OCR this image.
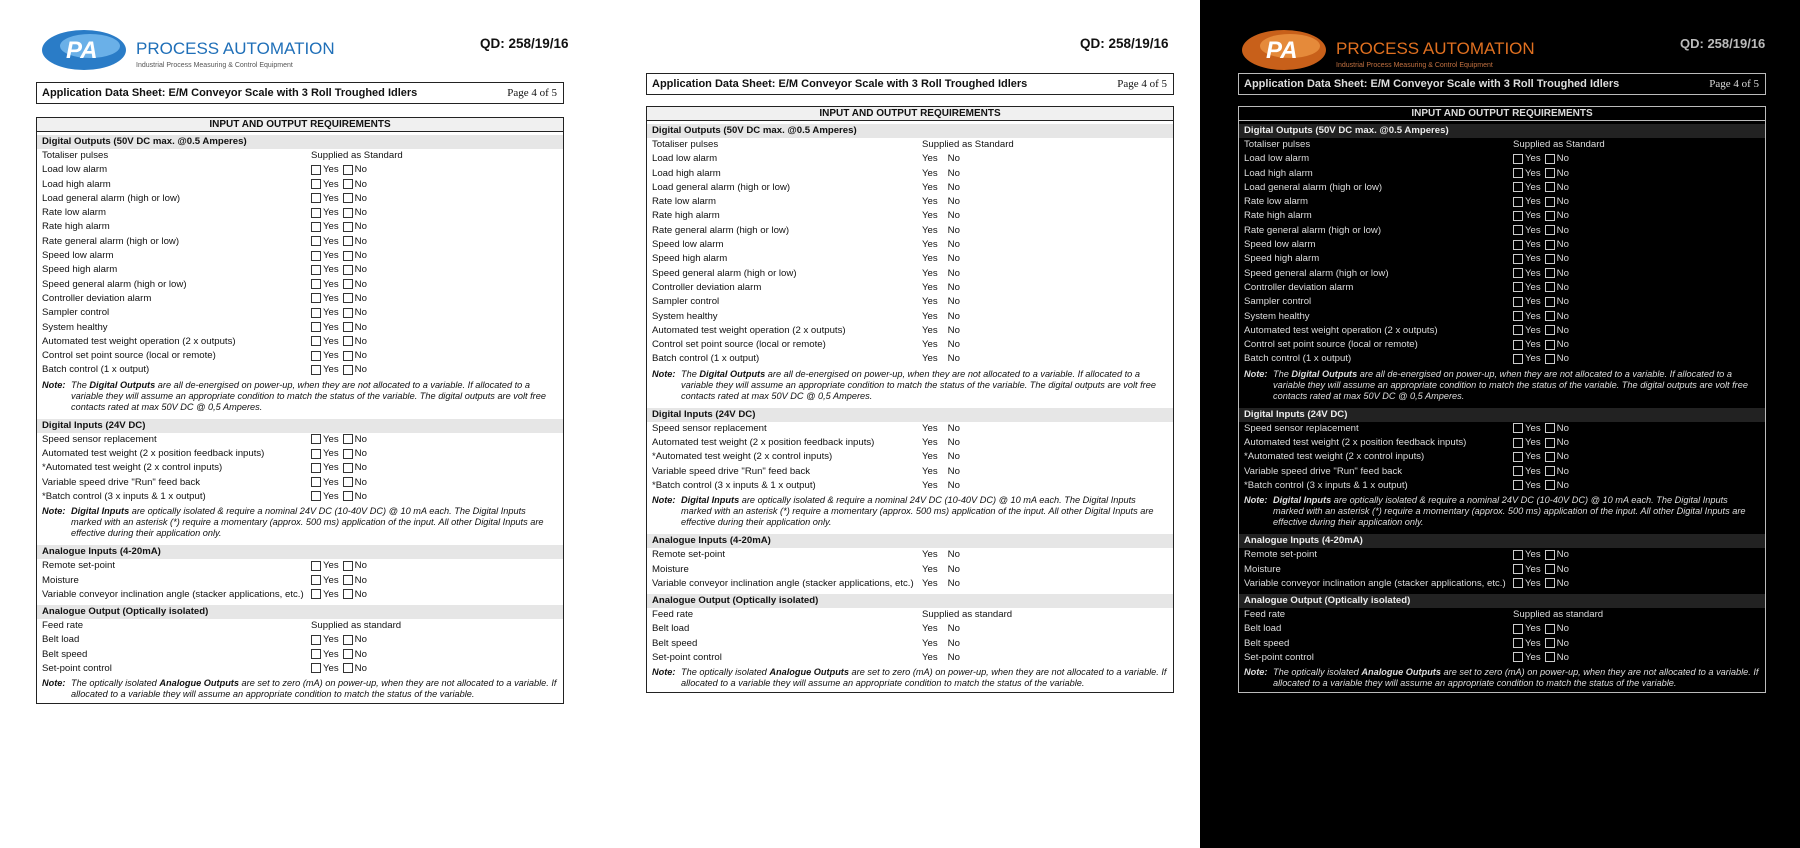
PA PROCESS AUTOMATION
Industrial Process Measuring & Control Equipment
QD: 258/19/16
Application Data Sheet: E/M Conveyor Scale with 3 Roll Troughed Idlers	Page 4 of 5
INPUT AND OUTPUT REQUIREMENTS
Digital Outputs (50V DC max. @0.5 Amperes)
Totaliser pulses	Supplied as Standard
Load low alarm	Yes	No
Load high alarm	Yes	No
Load general alarm (high or low)	Yes	No
Rate low alarm	Yes	No
Rate high alarm	Yes	No
Rate general alarm (high or low)	Yes	No
Speed low alarm	Yes	No
Speed high alarm	Yes	No
Speed general alarm (high or low)	Yes	No
Controller deviation alarm	Yes	No
Sampler control	Yes	No
System healthy	Yes	No
Automated test weight operation (2 x outputs)	Yes	No
Control set point source (local or remote)	Yes	No
Batch control (1 x output)	Yes	No
Note: The Digital Outputs are all de-energised on power-up, when they are not allocated to a variable. If allocated to a variable they will assume an appropriate condition to match the status of the variable. The digital outputs are volt free contacts rated at max 50V DC @ 0,5 Amperes.
Digital Inputs (24V DC)
Speed sensor replacement	Yes	No
Automated test weight (2 x position feedback inputs)	Yes	No
*Automated test weight (2 x control inputs)	Yes	No
Variable speed drive "Run" feed back	Yes	No
*Batch control (3 x inputs & 1 x output)	Yes	No
Note: Digital Inputs are optically isolated & require a nominal 24V DC (10-40V DC) @ 10 mA each. The Digital Inputs marked with an asterisk (*) require a momentary (approx. 500 ms) application of the input. All other Digital Inputs are effective during their application only.
Analogue Inputs (4-20mA)
Remote set-point	Yes	No
Moisture	Yes	No
Variable conveyor inclination angle (stacker applications, etc.)	Yes	No
Analogue Output (Optically isolated)
Feed rate	Supplied as standard
Belt load	Yes	No
Belt speed	Yes	No
Set-point control	Yes	No
Note: The optically isolated Analogue Outputs are set to zero (mA) on power-up, when they are not allocated to a variable. If allocated to a variable they will assume an appropriate condition to match the status of the variable.
QD: 258/19/16
Application Data Sheet: E/M Conveyor Scale with 3 Roll Troughed Idlers	Page 4 of 5
INPUT AND OUTPUT REQUIREMENTS
Digital Outputs (50V DC max. @0.5 Amperes)
Totaliser pulses	Supplied as Standard
Load low alarm	Yes	No
Load high alarm	Yes	No
Load general alarm (high or low)	Yes	No
Rate low alarm	Yes	No
Rate high alarm	Yes	No
Rate general alarm (high or low)	Yes	No
Speed low alarm	Yes	No
Speed high alarm	Yes	No
Speed general alarm (high or low)	Yes	No
Controller deviation alarm	Yes	No
Sampler control	Yes	No
System healthy	Yes	No
Automated test weight operation (2 x outputs)	Yes	No
Control set point source (local or remote)	Yes	No
Batch control (1 x output)	Yes	No
Note: The Digital Outputs are all de-energised on power-up, when they are not allocated to a variable. If allocated to a variable they will assume an appropriate condition to match the status of the variable. The digital outputs are volt free contacts rated at max 50V DC @ 0,5 Amperes.
Digital Inputs (24V DC)
Speed sensor replacement	Yes	No
Automated test weight (2 x position feedback inputs)	Yes	No
*Automated test weight (2 x control inputs)	Yes	No
Variable speed drive "Run" feed back	Yes	No
*Batch control (3 x inputs & 1 x output)	Yes	No
Note: Digital Inputs are optically isolated & require a nominal 24V DC (10-40V DC) @ 10 mA each. The Digital Inputs marked with an asterisk (*) require a momentary (approx. 500 ms) application of the input. All other Digital Inputs are effective during their application only.
Analogue Inputs (4-20mA)
Remote set-point	Yes	No
Moisture	Yes	No
Variable conveyor inclination angle (stacker applications, etc.) Yes	No
Analogue Output (Optically isolated)
Feed rate	Supplied as standard
Belt load	Yes	No
Belt speed	Yes	No
Set-point control	Yes	No
Note: The optically isolated Analogue Outputs are set to zero (mA) on power-up, when they are not allocated to a variable. If allocated to a variable they will assume an appropriate condition to match the status of the variable.
PA PROCESS AUTOMATION
Industrial Process Measuring & Control Equipment
QD: 258/19/16
Application Data Sheet: E/M Conveyor Scale with 3 Roll Troughed Idlers	Page 4 of 5
INPUT AND OUTPUT REQUIREMENTS
Digital Outputs (50V DC max. @0.5 Amperes)
Totaliser pulses	Supplied as Standard
Load low alarm	Yes	No
Load high alarm	Yes	No
Load general alarm (high or low)	Yes	No
Rate low alarm	Yes	No
Rate high alarm	Yes	No
Rate general alarm (high or low)	Yes	No
Speed low alarm	Yes	No
Speed high alarm	Yes	No
Speed general alarm (high or low)	Yes	No
Controller deviation alarm	Yes	No
Sampler control	Yes	No
System healthy	Yes	No
Automated test weight operation (2 x outputs)	Yes	No
Control set point source (local or remote)	Yes	No
Batch control (1 x output)	Yes	No
Note: The Digital Outputs are all de-energised on power-up, when they are not allocated to a variable. If allocated to a variable they will assume an appropriate condition to match the status of the variable. The digital outputs are volt free contacts rated at max 50V DC @ 0,5 Amperes.
Digital Inputs (24V DC)
Speed sensor replacement	Yes	No
Automated test weight (2 x position feedback inputs)	Yes	No
*Automated test weight (2 x control inputs)	Yes	No
Variable speed drive "Run" feed back	Yes	No
*Batch control (3 x inputs & 1 x output)	Yes	No
Note: Digital Inputs are optically isolated & require a nominal 24V DC (10-40V DC) @ 10 mA each. The Digital Inputs marked with an asterisk (*) require a momentary (approx. 500 ms) application of the input. All other Digital Inputs are effective during their application only.
Analogue Inputs (4-20mA)
Remote set-point	Yes	No
Moisture	Yes	No
Variable conveyor inclination angle (stacker applications, etc.)	Yes	No
Analogue Output (Optically isolated)
Feed rate	Supplied as standard
Belt load	Yes	No
Belt speed	Yes	No
Set-point control	Yes	No
Note: The optically isolated Analogue Outputs are set to zero (mA) on power-up, when they are not allocated to a variable. If allocated to a variable they will assume an appropriate condition to match the status of the variable.
